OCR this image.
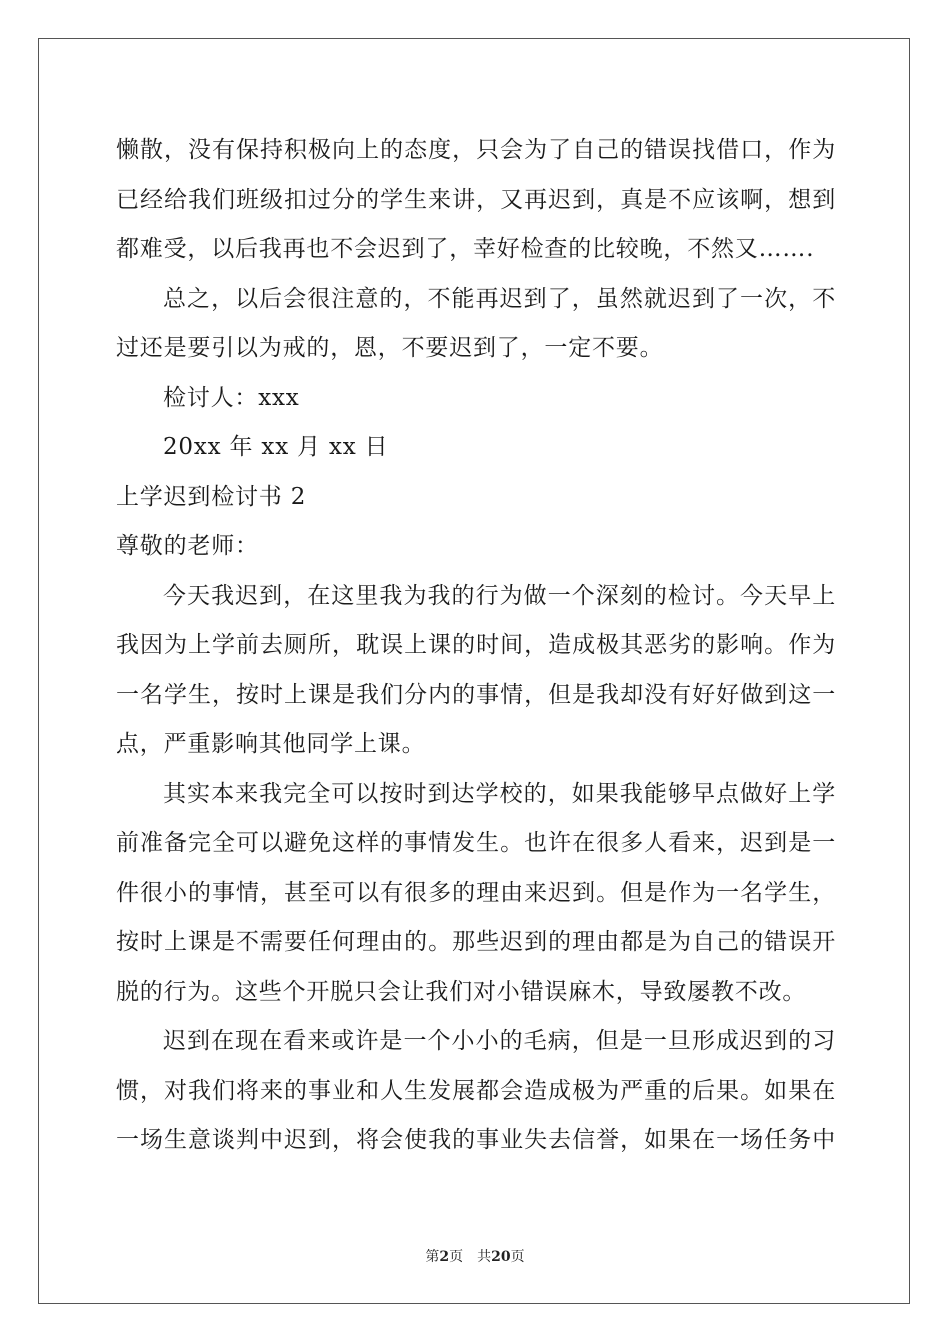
懒散，没有保持积极向上的态度，只会为了自己的错误找借口，作为
已经给我们班级扣过分的学生来讲，又再迟到，真是不应该啊，想到
都难受，以后我再也不会迟到了，幸好检查的比较晚，不然又…….
总之，以后会很注意的，不能再迟到了，虽然就迟到了一次，不
过还是要引以为戒的，恩，不要迟到了，一定不要。
检讨人：xxx
20xx 年 xx 月 xx 日
上学迟到检讨书 2
尊敬的老师：
今天我迟到，在这里我为我的行为做一个深刻的检讨。今天早上
我因为上学前去厕所，耽误上课的时间，造成极其恶劣的影响。作为
一名学生，按时上课是我们分内的事情，但是我却没有好好做到这一
点，严重影响其他同学上课。
其实本来我完全可以按时到达学校的，如果我能够早点做好上学
前准备完全可以避免这样的事情发生。也许在很多人看来，迟到是一
件很小的事情，甚至可以有很多的理由来迟到。但是作为一名学生，
按时上课是不需要任何理由的。那些迟到的理由都是为自己的错误开
脱的行为。这些个开脱只会让我们对小错误麻木，导致屡教不改。
迟到在现在看来或许是一个小小的毛病，但是一旦形成迟到的习
惯，对我们将来的事业和人生发展都会造成极为严重的后果。如果在
一场生意谈判中迟到，将会使我的事业失去信誉，如果在一场任务中
第2页 共20页
